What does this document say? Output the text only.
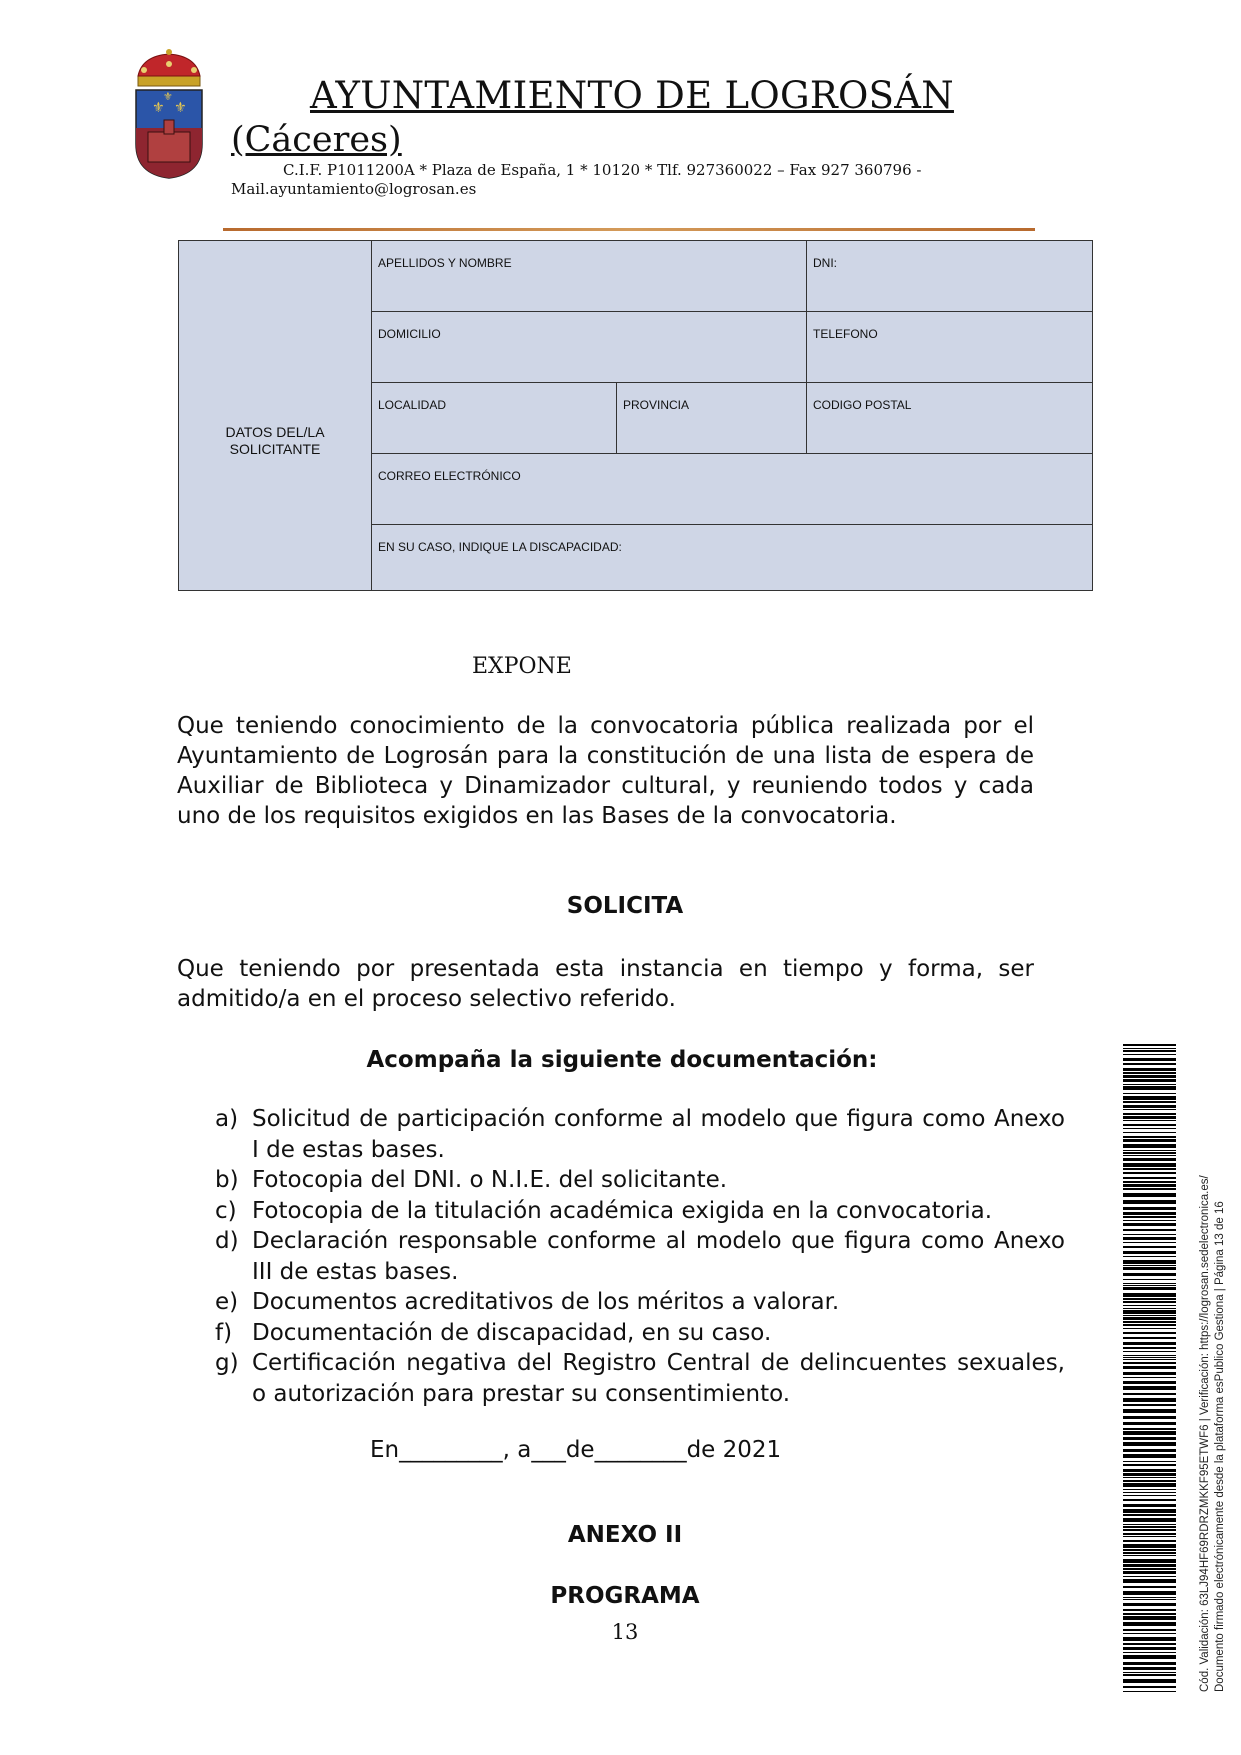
⚜ ⚜
⚜	AYUNTAMIENTO DE LOGROSÁN
(Cáceres)
C.I.F. P1011200A * Plaza de España, 1 * 10120 * Tlf. 927360022 – Fax 927 360796 -
Mail.ayuntamiento@logrosan.es
DATOS DEL/LA SOLICITANTE
APELLIDOS Y NOMBRE	DNI:
DOMICILIO	TELEFONO
LOCALIDAD	PROVINCIA	CODIGO POSTAL
CORREO ELECTRÓNICO
EN SU CASO, INDIQUE LA DISCAPACIDAD:
EXPONE
Que teniendo conocimiento de la convocatoria pública realizada por el Ayuntamiento de Logrosán para la constitución de una lista de espera de Auxiliar de Biblioteca y Dinamizador cultural, y reuniendo todos y cada uno de los requisitos exigidos en las Bases de la convocatoria.
SOLICITA
Que teniendo por presentada esta instancia en tiempo y forma, ser admitido/a en el proceso selectivo referido.
Acompaña la siguiente documentación:
a) Solicitud de participación conforme al modelo que figura como Anexo I de estas bases.
b) Fotocopia del DNI. o N.I.E. del solicitante.
c) Fotocopia de la titulación académica exigida en la convocatoria.
d) Declaración responsable conforme al modelo que figura como Anexo III de estas bases.
e) Documentos acreditativos de los méritos a valorar.
f) Documentación de discapacidad, en su caso.
g) Certificación negativa del Registro Central de delincuentes sexuales, o autorización para prestar su consentimiento.
En_________, a___de________de 2021
ANEXO II
PROGRAMA
13	Cód. Validación: 63LJ94HF69RDRZMKKF95ETWF6 | Verificación: https://logrosan.sedelectronica.es/ Documento firmado electrónicamente desde la plataforma esPublico Gestiona | Página 13 de 16
